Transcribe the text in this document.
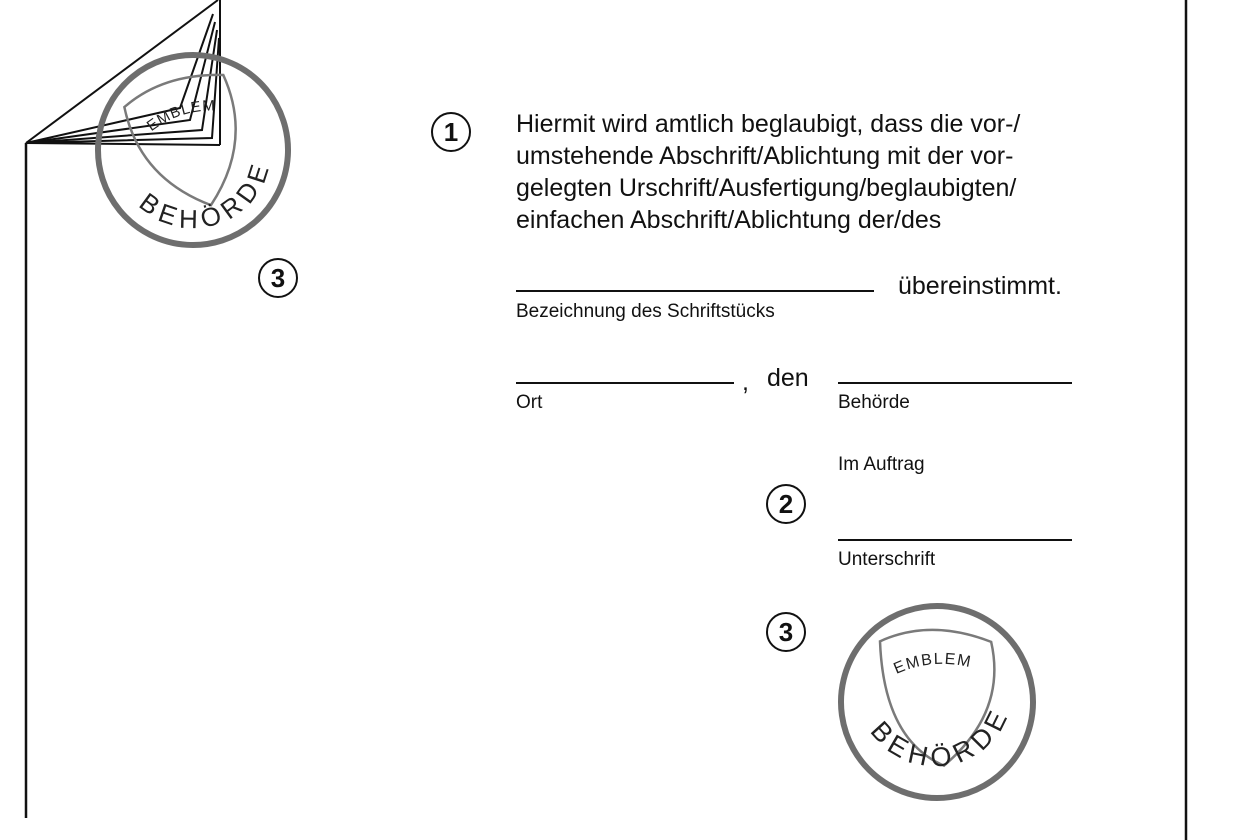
EMBLEM
BEHÖRDE
EMBLEM
BEHÖRDE
3
1 Hiermit wird amtlich beglaubigt, dass die vor-/
umstehende Abschrift/Ablichtung mit der vor-
gelegten Urschrift/Ausfertigung/beglaubigten/
einfachen Abschrift/Ablichtung der/des

übereinstimmt.
Bezeichnung des Schriftstücks
, den
Ort	Behörde
Im Auftrag
2
Unterschrift
3
